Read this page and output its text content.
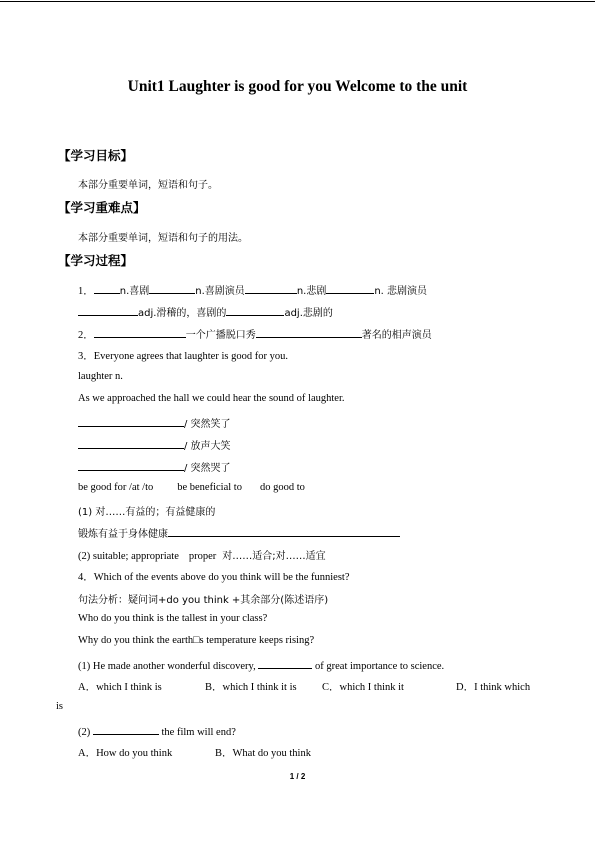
Unit1 Laughter is good for you Welcome to the unit
【学习目标】
本部分重要单词，短语和句子。
【学习重难点】
本部分重要单词，短语和句子的用法。
【学习过程】
1．	n.喜剧	n.喜剧演员	n.悲剧	n. 悲剧演员
adj.滑稽的，喜剧的	adj.悲剧的
2．	一个广播脱口秀	著名的相声演员
3．Everyone agrees that laughter is good for you.
laughter n.
As we approached the hall we could hear the sound of laughter.
/ 突然笑了
/ 放声大笑
/ 突然哭了
be good for /at /to be beneficial to do good to
(1) 对……有益的；有益健康的
锻炼有益于身体健康
(2) suitable; appropriate proper 对……适合;对……适宜
4．Which of the events above do you think will be the funniest?
句法分析：疑问词+do you think +其余部分(陈述语序)
Who do you think is the tallest in your class?
Why do you think the earth□s temperature keeps rising?
(1) He made another wonderful discovery,	of great importance to science.
A．which I think is	B．which I think it is C．which I think it	D．I think which
is
(2)	the film will end?
A．How do you think	B．What do you think
1 / 2
